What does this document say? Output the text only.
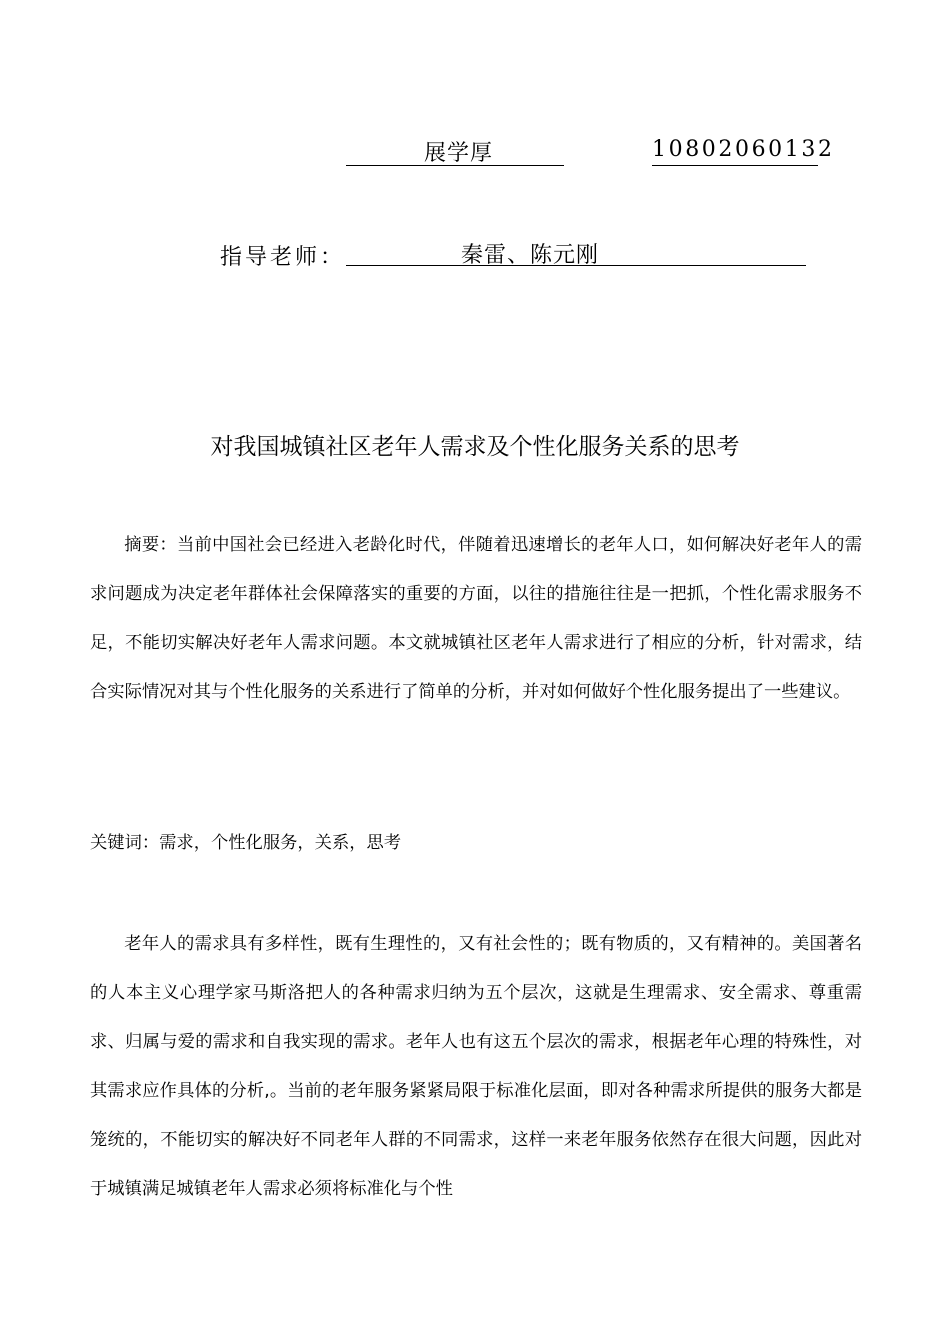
展学厚	10802060132
指导老师：	秦雷、陈元刚
对我国城镇社区老年人需求及个性化服务关系的思考
摘要：当前中国社会已经进入老龄化时代，伴随着迅速增长的老年人口，如何解决好老年人的需求问题成为决定老年群体社会保障落实的重要的方面，以往的措施往往是一把抓，个性化需求服务不足，不能切实解决好老年人需求问题。本文就城镇社区老年人需求进行了相应的分析，针对需求，结合实际情况对其与个性化服务的关系进行了简单的分析，并对如何做好个性化服务提出了一些建议。
关键词：需求，个性化服务，关系，思考
老年人的需求具有多样性，既有生理性的，又有社会性的；既有物质的，又有精神的。美国著名的人本主义心理学家马斯洛把人的各种需求归纳为五个层次，这就是生理需求、安全需求、尊重需求、归属与爱的需求和自我实现的需求。老年人也有这五个层次的需求，根据老年心理的特殊性，对其需求应作具体的分析,。当前的老年服务紧紧局限于标准化层面，即对各种需求所提供的服务大都是笼统的，不能切实的解决好不同老年人群的不同需求，这样一来老年服务依然存在很大问题，因此对于城镇满足城镇老年人需求必须将标准化与个性
